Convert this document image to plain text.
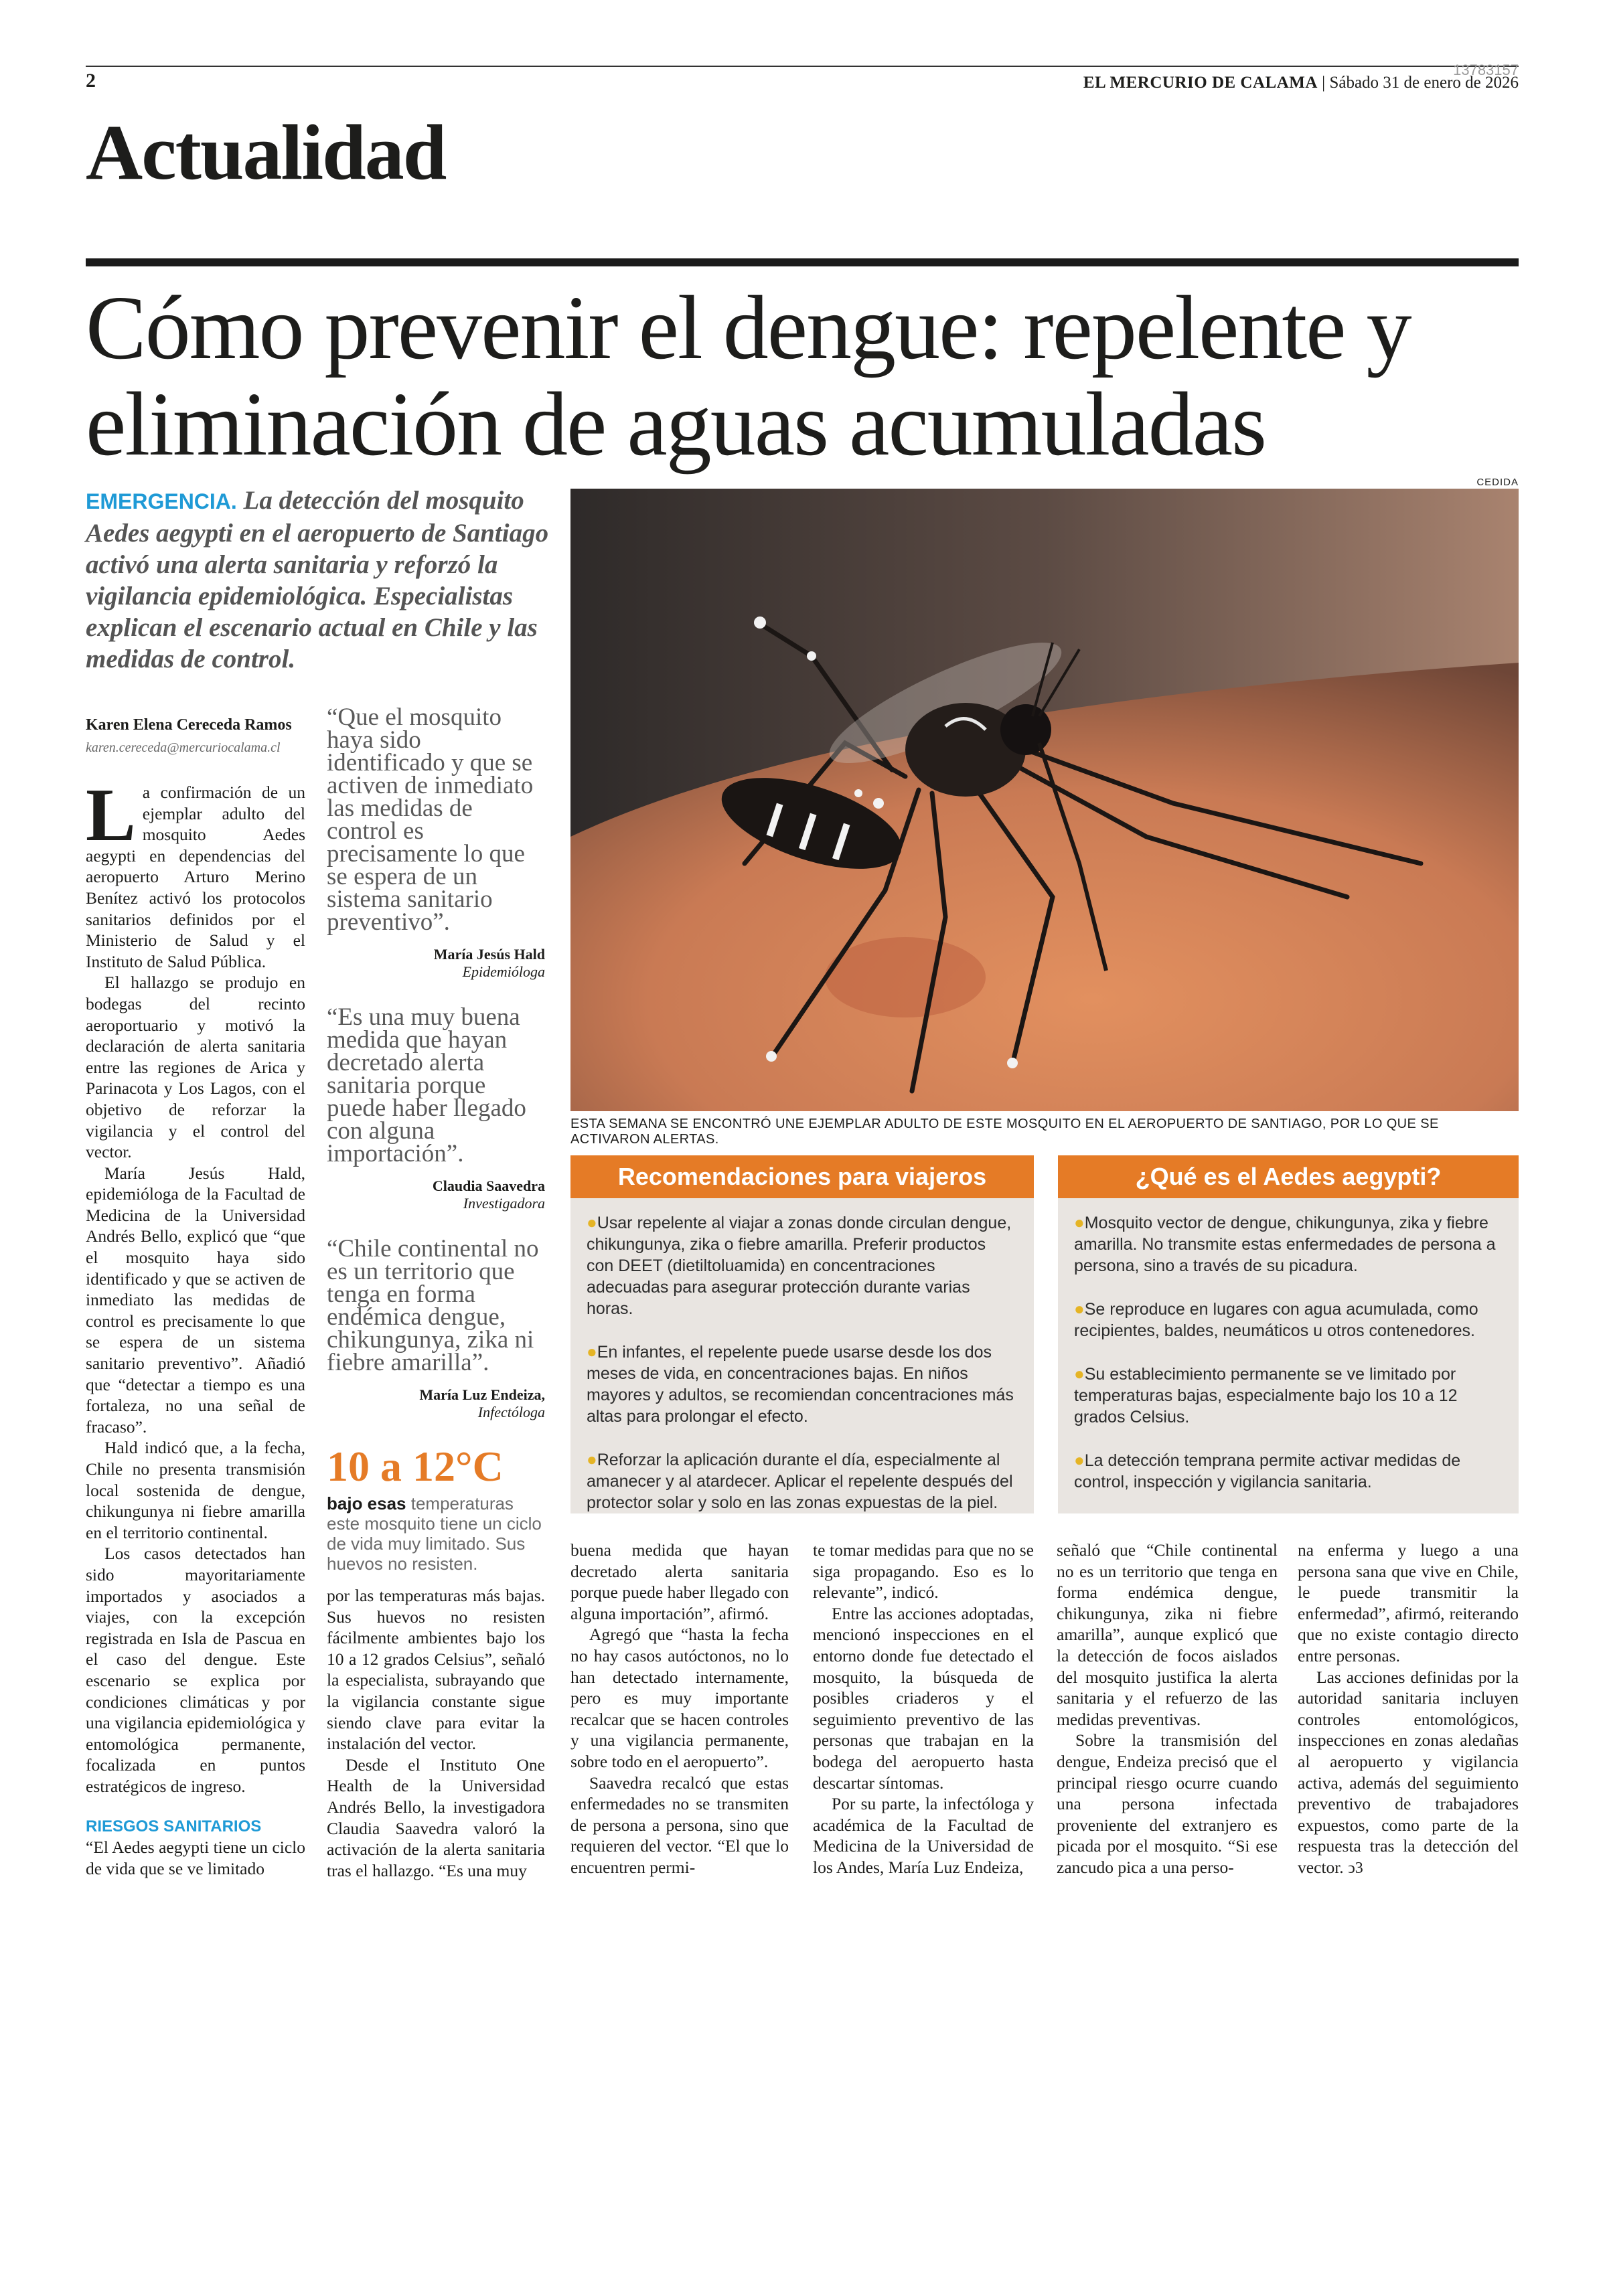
2	13783157
EL MERCURIO DE CALAMA | Sábado 31 de enero de 2026
Actualidad
Cómo prevenir el dengue: repelente y eliminación de aguas acumuladas
EMERGENCIA. La detección del mosquito Aedes aegypti en el aeropuerto de Santiago activó una alerta sanitaria y reforzó la vigilancia epidemiológica. Especialistas explican el escenario actual en Chile y las medidas de control.
CEDIDA
ESTA SEMANA SE ENCONTRÓ UNE EJEMPLAR ADULTO DE ESTE MOSQUITO EN EL AEROPUERTO DE SANTIAGO, POR LO QUE SE ACTIVARON ALERTAS.
Karen Elena Cereceda Ramos
karen.cereceda@mercuriocalama.cl

La confirmación de un ejemplar adulto del mosquito Aedes aegypti en dependencias del aeropuerto Arturo Merino Benítez activó los protocolos sanitarios definidos por el Ministerio de Salud y el Instituto de Salud Pública.

El hallazgo se produjo en bodegas del recinto aeroportuario y motivó la declaración de alerta sanitaria entre las regiones de Arica y Parinacota y Los Lagos, con el objetivo de reforzar la vigilancia y el control del vector.

María Jesús Hald, epidemióloga de la Facultad de Medicina de la Universidad Andrés Bello, explicó que “que el mosquito haya sido identificado y que se activen de inmediato las medidas de control es precisamente lo que se espera de un sistema sanitario preventivo”. Añadió que “detectar a tiempo es una fortaleza, no una señal de fracaso”.

Hald indicó que, a la fecha, Chile no presenta transmisión local sostenida de dengue, chikungunya ni fiebre amarilla en el territorio continental.

Los casos detectados han sido mayoritariamente importados y asociados a viajes, con la excepción registrada en Isla de Pascua en el caso del dengue. Este escenario se explica por condiciones climáticas y por una vigilancia epidemiológica y entomológica permanente, focalizada en puntos estratégicos de ingreso.

RIESGOS SANITARIOS

“El Aedes aegypti tiene un ciclo de vida que se ve limitado

“Que el mosquito haya sido identificado y que se activen de inmediato las medidas de control es precisamente lo que se espera de un sistema sanitario preventivo”.
María Jesús Hald
Epidemióloga
“Es una muy buena medida que hayan decretado alerta sanitaria porque puede haber llegado con alguna importación”.
Claudia Saavedra
Investigadora
“Chile continental no es un territorio que tenga en forma endémica dengue, chikungunya, zika ni fiebre amarilla”.
María Luz Endeiza,
Infectóloga
10 a 12°C
bajo esas temperaturas este mosquito tiene un ciclo de vida muy limitado. Sus huevos no resisten.

por las temperaturas más bajas. Sus huevos no resisten fácilmente ambientes bajo los 10 a 12 grados Celsius”, señaló la especialista, subrayando que la vigilancia constante sigue siendo clave para evitar la instalación del vector.

Desde el Instituto One Health de la Universidad Andrés Bello, la investigadora Claudia Saavedra valoró la activación de la alerta sanitaria tras el hallazgo. “Es una muy

Recomendaciones para viajeros
●Usar repelente al viajar a zonas donde circulan dengue, chikungunya, zika o fiebre amarilla. Preferir productos con DEET (dietiltoluamida) en concentraciones adecuadas para asegurar protección durante varias horas.
●En infantes, el repelente puede usarse desde los dos meses de vida, en concentraciones bajas. En niños mayores y adultos, se recomiendan concentraciones más altas para prolongar el efecto.
●Reforzar la aplicación durante el día, especialmente al amanecer y al atardecer. Aplicar el repelente después del protector solar y solo en las zonas expuestas de la piel.
¿Qué es el Aedes aegypti?
●Mosquito vector de dengue, chikungunya, zika y fiebre amarilla. No transmite estas enfermedades de persona a persona, sino a través de su picadura.
●Se reproduce en lugares con agua acumulada, como recipientes, baldes, neumáticos u otros contenedores.
●Su establecimiento permanente se ve limitado por temperaturas bajas, especialmente bajo los 10 a 12 grados Celsius.
●La detección temprana permite activar medidas de control, inspección y vigilancia sanitaria.

buena medida que hayan decretado alerta sanitaria porque puede haber llegado con alguna importación”, afirmó.

Agregó que “hasta la fecha no hay casos autóctonos, no lo han detectado internamente, pero es muy importante recalcar que se hacen controles y una vigilancia permanente, sobre todo en el aeropuerto”.

Saavedra recalcó que estas enfermedades no se transmiten de persona a persona, sino que requieren del vector. “El que lo encuentren permi-

te tomar medidas para que no se siga propagando. Eso es lo relevante”, indicó.

Entre las acciones adoptadas, mencionó inspecciones en el entorno donde fue detectado el mosquito, la búsqueda de posibles criaderos y el seguimiento preventivo de las personas que trabajan en la bodega del aeropuerto hasta descartar síntomas.

Por su parte, la infectóloga y académica de la Facultad de Medicina de la Universidad de los Andes, María Luz Endeiza,

señaló que “Chile continental no es un territorio que tenga en forma endémica dengue, chikungunya, zika ni fiebre amarilla”, aunque explicó que la detección de focos aislados del mosquito justifica la alerta sanitaria y el refuerzo de las medidas preventivas.

Sobre la transmisión del dengue, Endeiza precisó que el principal riesgo ocurre cuando una persona infectada proveniente del extranjero es picada por el mosquito. “Si ese zancudo pica a una perso-

na enferma y luego a una persona sana que vive en Chile, le puede transmitir la enfermedad”, afirmó, reiterando que no existe contagio directo entre personas.

Las acciones definidas por la autoridad sanitaria incluyen controles entomológicos, inspecciones en zonas aledañas al aeropuerto y vigilancia activa, además del seguimiento preventivo de trabajadores expuestos, como parte de la respuesta tras la detección del vector. ↄ3
